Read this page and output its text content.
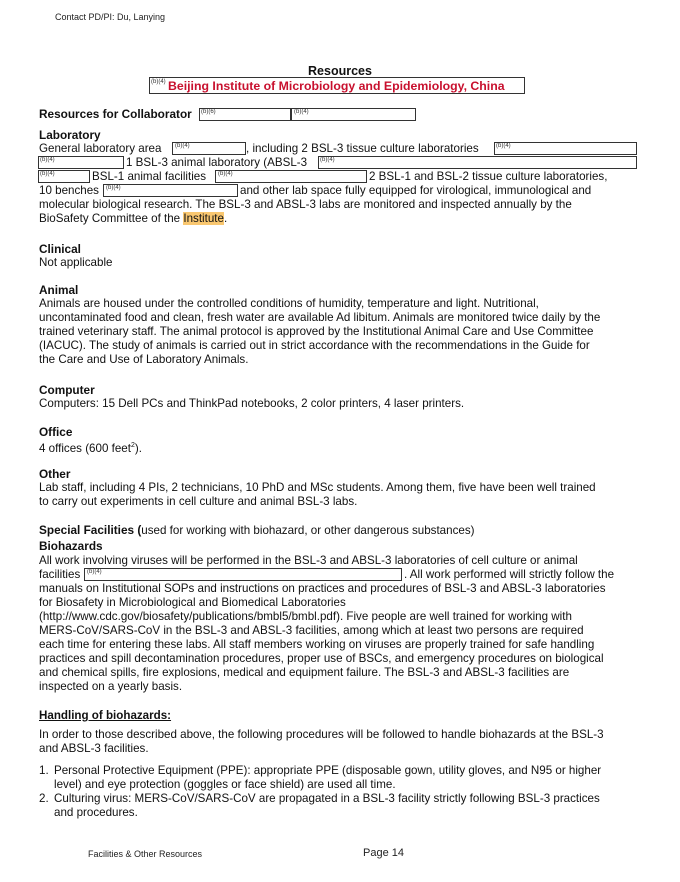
Contact PD/PI: Du, Lanying
Resources
(b)(4) Beijing Institute of Microbiology and Epidemiology, China
Resources for Collaborator (b)(6)	(b)(4)
Laboratory
General laboratory area (b)(4)	, including 2 BSL-3 tissue culture laboratories	(b)(4)
(b)(4)	1 BSL-3 animal laboratory (ABSL-3 (b)(4)
(b)(4)	BSL-1 animal facilities (b)(4)	2 BSL-1 and BSL-2 tissue culture laboratories,
10 benches (b)(4)	and other lab space fully equipped for virological, immunological and
molecular biological research. The BSL-3 and ABSL-3 labs are monitored and inspected annually by the
BioSafety Committee of the Institute.
Clinical
Not applicable
Animal
Animals are housed under the controlled conditions of humidity, temperature and light. Nutritional,
uncontaminated food and clean, fresh water are available Ad libitum. Animals are monitored twice daily by the
trained veterinary staff. The animal protocol is approved by the Institutional Animal Care and Use Committee
(IACUC). The study of animals is carried out in strict accordance with the recommendations in the Guide for
the Care and Use of Laboratory Animals.
Computer
Computers: 15 Dell PCs and ThinkPad notebooks, 2 color printers, 4 laser printers.
Office
4 offices (600 feet$^2$).
Other
Lab staff, including 4 PIs, 2 technicians, 10 PhD and MSc students. Among them, five have been well trained
to carry out experiments in cell culture and animal BSL-3 labs.
Special Facilities (used for working with biohazard, or other dangerous substances)
Biohazards
All work involving viruses will be performed in the BSL-3 and ABSL-3 laboratories of cell culture or animal
facilities (b)(4)	. All work performed will strictly follow the
manuals on Institutional SOPs and instructions on practices and procedures of BSL-3 and ABSL-3 laboratories
for Biosafety in Microbiological and Biomedical Laboratories
(http://www.cdc.gov/biosafety/publications/bmbl5/bmbl.pdf). Five people are well trained for working with
MERS-CoV/SARS-CoV in the BSL-3 and ABSL-3 facilities, among which at least two persons are required
each time for entering these labs. All staff members working on viruses are properly trained for safe handling
practices and spill decontamination procedures, proper use of BSCs, and emergency procedures on biological
and chemical spills, fire explosions, medical and equipment failure. The BSL-3 and ABSL-3 facilities are
inspected on a yearly basis.
Handling of biohazards:
In order to those described above, the following procedures will be followed to handle biohazards at the BSL-3
and ABSL-3 facilities.
1. Personal Protective Equipment (PPE): appropriate PPE (disposable gown, utility gloves, and N95 or higher
level) and eye protection (goggles or face shield) are used all time.
2. Culturing virus: MERS-CoV/SARS-CoV are propagated in a BSL-3 facility strictly following BSL-3 practices
and procedures.
Facilities & Other Resources	Page 14
